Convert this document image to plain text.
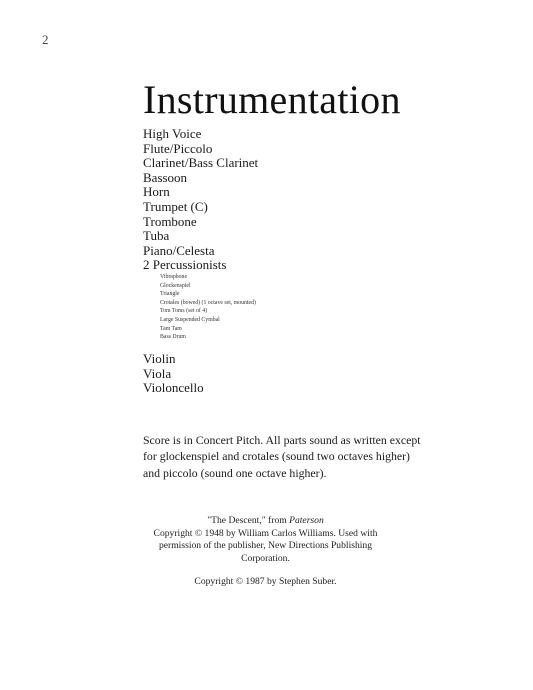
2
Instrumentation
High Voice
Flute/Piccolo
Clarinet/Bass Clarinet
Bassoon
Horn
Trumpet (C)
Trombone
Tuba
Piano/Celesta
2 Percussionists
Vibraphone
Glockenspiel
Triangle
Crotales (bowed) (1 octave set, mounted)
Tom Toms (set of 4)
Large Suspended Cymbal
Tam Tam
Bass Drum
Violin
Viola
Violoncello

Score is in Concert Pitch. All parts sound as written except for glockenspiel and crotales (sound two octaves higher) and piccolo (sound one octave higher).

"The Descent," from Paterson

Copyright © 1948 by William Carlos Williams. Used with permission of the publisher, New Directions Publishing Corporation.

Copyright © 1987 by Stephen Suber.
